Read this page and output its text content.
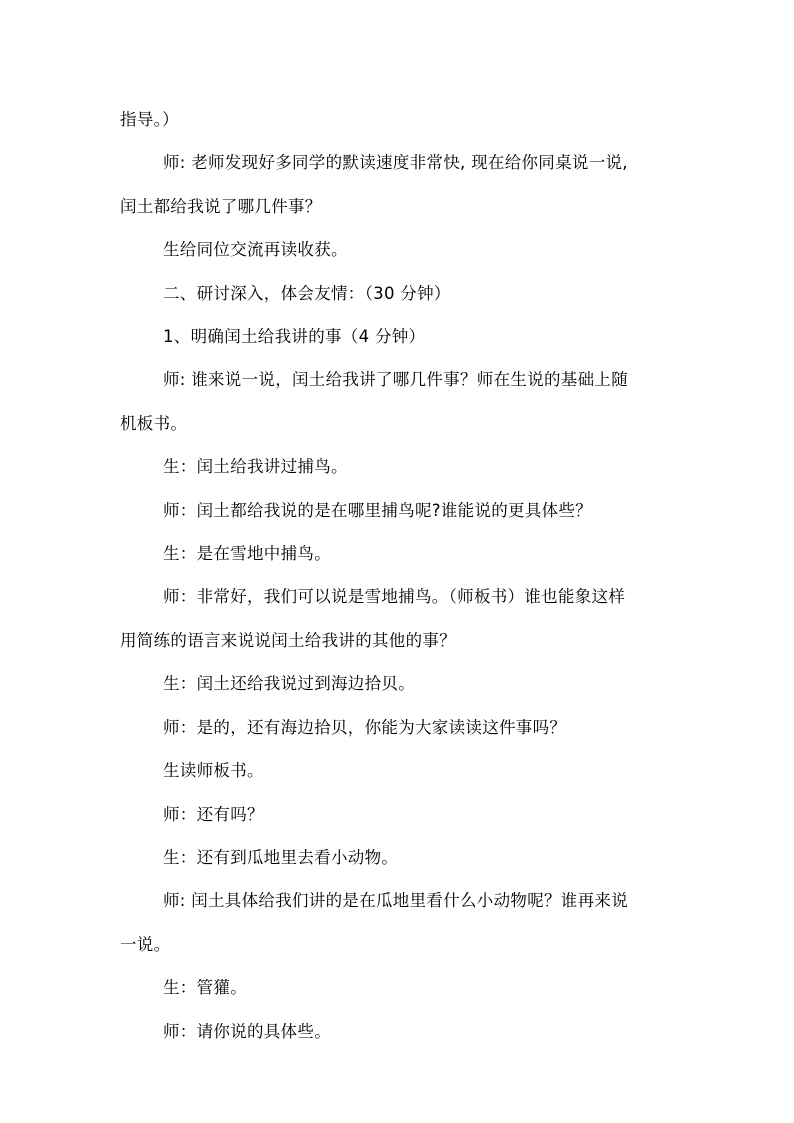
指导。）

师: 老师发现好多同学的默读速度非常快, 现在给你同桌说一说,

闰土都给我说了哪几件事？

生给同位交流再读收获。

二、研讨深入，体会友情：（30 分钟）

1、明确闰土给我讲的事（4 分钟）

师: 谁来说一说，闰土给我讲了哪几件事？师在生说的基础上随

机板书。

生：闰土给我讲过捕鸟。

师：闰土都给我说的是在哪里捕鸟呢?谁能说的更具体些？

生：是在雪地中捕鸟。

师：非常好，我们可以说是雪地捕鸟。（师板书）谁也能象这样

用简练的语言来说说闰土给我讲的其他的事？

生：闰土还给我说过到海边拾贝。

师：是的，还有海边拾贝，你能为大家读读这件事吗？

生读师板书。

师：还有吗？

生：还有到瓜地里去看小动物。

师: 闰土具体给我们讲的是在瓜地里看什么小动物呢？谁再来说

一说。

生：管獾。

师：请你说的具体些。
